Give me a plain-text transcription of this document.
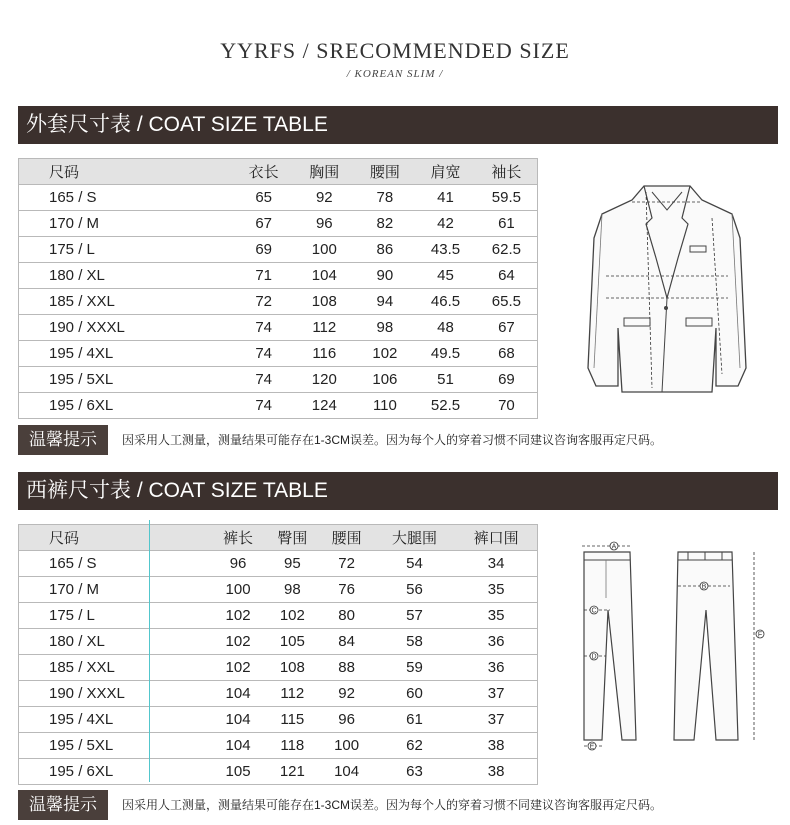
YYRFS / SRECOMMENDED SIZE
/ KOREAN SLIM /
外套尺寸表 / COAT SIZE TABLE
尺码	衣长	胸围	腰围	肩宽	袖长
165 / S	65	92	78	41	59.5
170 / M	67	96	82	42	61
175 / L	69	100	86	43.5	62.5
180 / XL	71	104	90	45	64
185 / XXL	72	108	94	46.5	65.5
190 / XXXL	74	112	98	48	67
195 / 4XL	74	116	102	49.5	68
195 / 5XL	74	120	106	51	69
195 / 6XL	74	124	110	52.5	70
温馨提示	因采用人工测量，测量结果可能存在1-3CM误差。因为每个人的穿着习惯不同建议咨询客服再定尺码。
西裤尺寸表 / COAT SIZE TABLE
尺码	裤长	臀围	腰围	大腿围	裤口围
165 / S	96	95	72	54	34
170 / M	100	98	76	56	35
175 / L	102	102	80	57	35
180 / XL	102	105	84	58	36
185 / XXL	102	108	88	59	36
190 / XXXL	104	112	92	60	37
195 / 4XL	104	115	96	61	37
195 / 5XL	104	118	100	62	38
195 / 6XL	105	121	104	63	38
A
B
C
D
E
F
温馨提示	因采用人工测量，测量结果可能存在1-3CM误差。因为每个人的穿着习惯不同建议咨询客服再定尺码。
